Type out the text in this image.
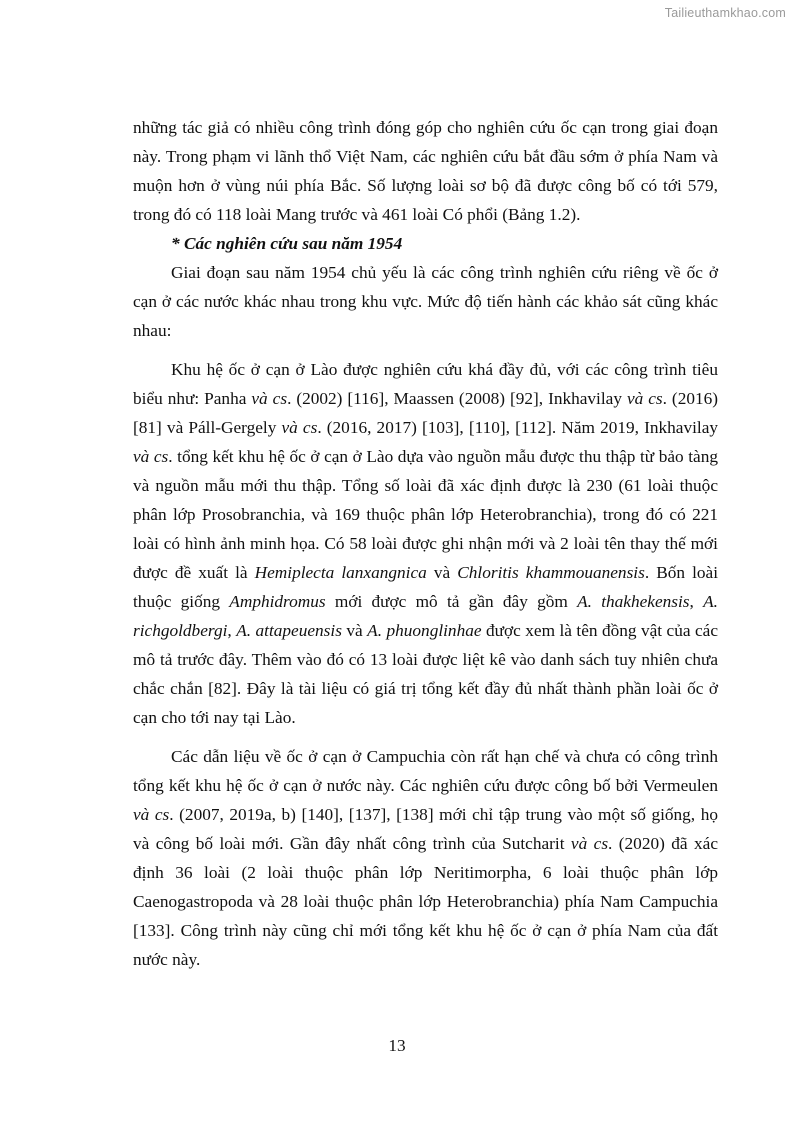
Tailieuthamkhao.com

những tác giả có nhiều công trình đóng góp cho nghiên cứu ốc cạn trong giai đoạn này. Trong phạm vi lãnh thổ Việt Nam, các nghiên cứu bắt đầu sớm ở phía Nam và muộn hơn ở vùng núi phía Bắc. Số lượng loài sơ bộ đã được công bố có tới 579, trong đó có 118 loài Mang trước và 461 loài Có phổi (Bảng 1.2).

* Các nghiên cứu sau năm 1954

Giai đoạn sau năm 1954 chủ yếu là các công trình nghiên cứu riêng về ốc ở cạn ở các nước khác nhau trong khu vực. Mức độ tiến hành các khảo sát cũng khác nhau:

Khu hệ ốc ở cạn ở Lào được nghiên cứu khá đầy đủ, với các công trình tiêu biểu như: Panha và cs. (2002) [116], Maassen (2008) [92], Inkhavilay và cs. (2016) [81] và Páll-Gergely và cs. (2016, 2017) [103], [110], [112]. Năm 2019, Inkhavilay và cs. tổng kết khu hệ ốc ở cạn ở Lào dựa vào nguồn mẫu được thu thập từ bảo tàng và nguồn mẫu mới thu thập. Tổng số loài đã xác định được là 230 (61 loài thuộc phân lớp Prosobranchia, và 169 thuộc phân lớp Heterobranchia), trong đó có 221 loài có hình ảnh minh họa. Có 58 loài được ghi nhận mới và 2 loài tên thay thế mới được đề xuất là Hemiplecta lanxangnica và Chloritis khammouanensis. Bốn loài thuộc giống Amphidromus mới được mô tả gần đây gồm A. thakhekensis, A. richgoldbergi, A. attapeuensis và A. phuonglinhae được xem là tên đồng vật của các mô tả trước đây. Thêm vào đó có 13 loài được liệt kê vào danh sách tuy nhiên chưa chắc chắn [82]. Đây là tài liệu có giá trị tổng kết đầy đủ nhất thành phần loài ốc ở cạn cho tới nay tại Lào.

Các dẫn liệu về ốc ở cạn ở Campuchia còn rất hạn chế và chưa có công trình tổng kết khu hệ ốc ở cạn ở nước này. Các nghiên cứu được công bố bởi Vermeulen và cs. (2007, 2019a, b) [140], [137], [138] mới chỉ tập trung vào một số giống, họ và công bố loài mới. Gần đây nhất công trình của Sutcharit và cs. (2020) đã xác định 36 loài (2 loài thuộc phân lớp Neritimorpha, 6 loài thuộc phân lớp Caenogastropoda và 28 loài thuộc phân lớp Heterobranchia) phía Nam Campuchia [133]. Công trình này cũng chỉ mới tổng kết khu hệ ốc ở cạn ở phía Nam của đất nước này.

13
